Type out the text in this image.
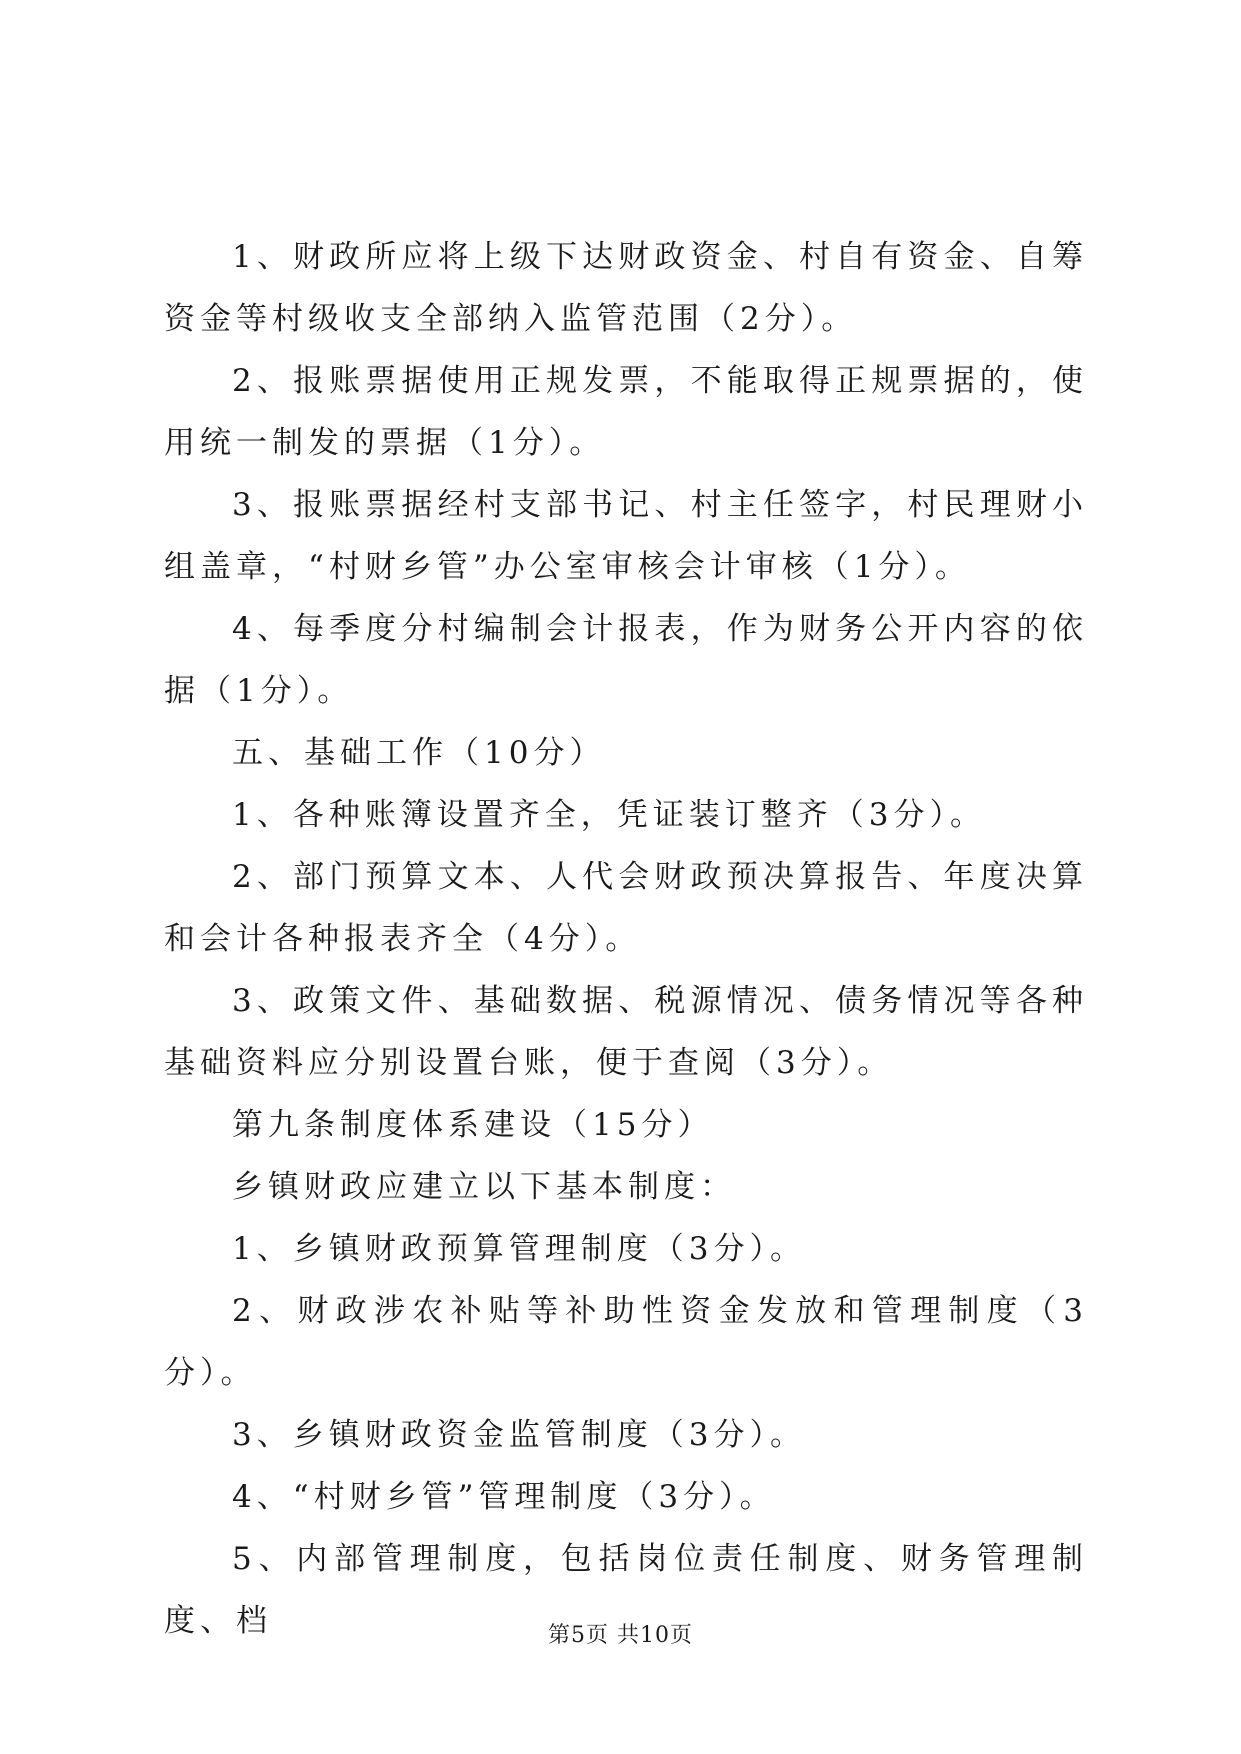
1、财政所应将上级下达财政资金、村自有资金、自筹资金等村级收支全部纳入监管范围（2分）。

2、报账票据使用正规发票，不能取得正规票据的，使用统一制发的票据（1分）。

3、报账票据经村支部书记、村主任签字，村民理财小组盖章，“村财乡管”办公室审核会计审核（1分）。

4、每季度分村编制会计报表，作为财务公开内容的依据（1分）。

五、基础工作（10分）

1、各种账簿设置齐全，凭证装订整齐（3分）。

2、部门预算文本、人代会财政预决算报告、年度决算和会计各种报表齐全（4分）。

3、政策文件、基础数据、税源情况、债务情况等各种基础资料应分别设置台账，便于查阅（3分）。

第九条制度体系建设（15分）

乡镇财政应建立以下基本制度：

1、乡镇财政预算管理制度（3分）。

2、财政涉农补贴等补助性资金发放和管理制度（3分）。

3、乡镇财政资金监管制度（3分）。

4、“村财乡管”管理制度（3分）。

5、内部管理制度，包括岗位责任制度、财务管理制度、档	第5页 共10页
